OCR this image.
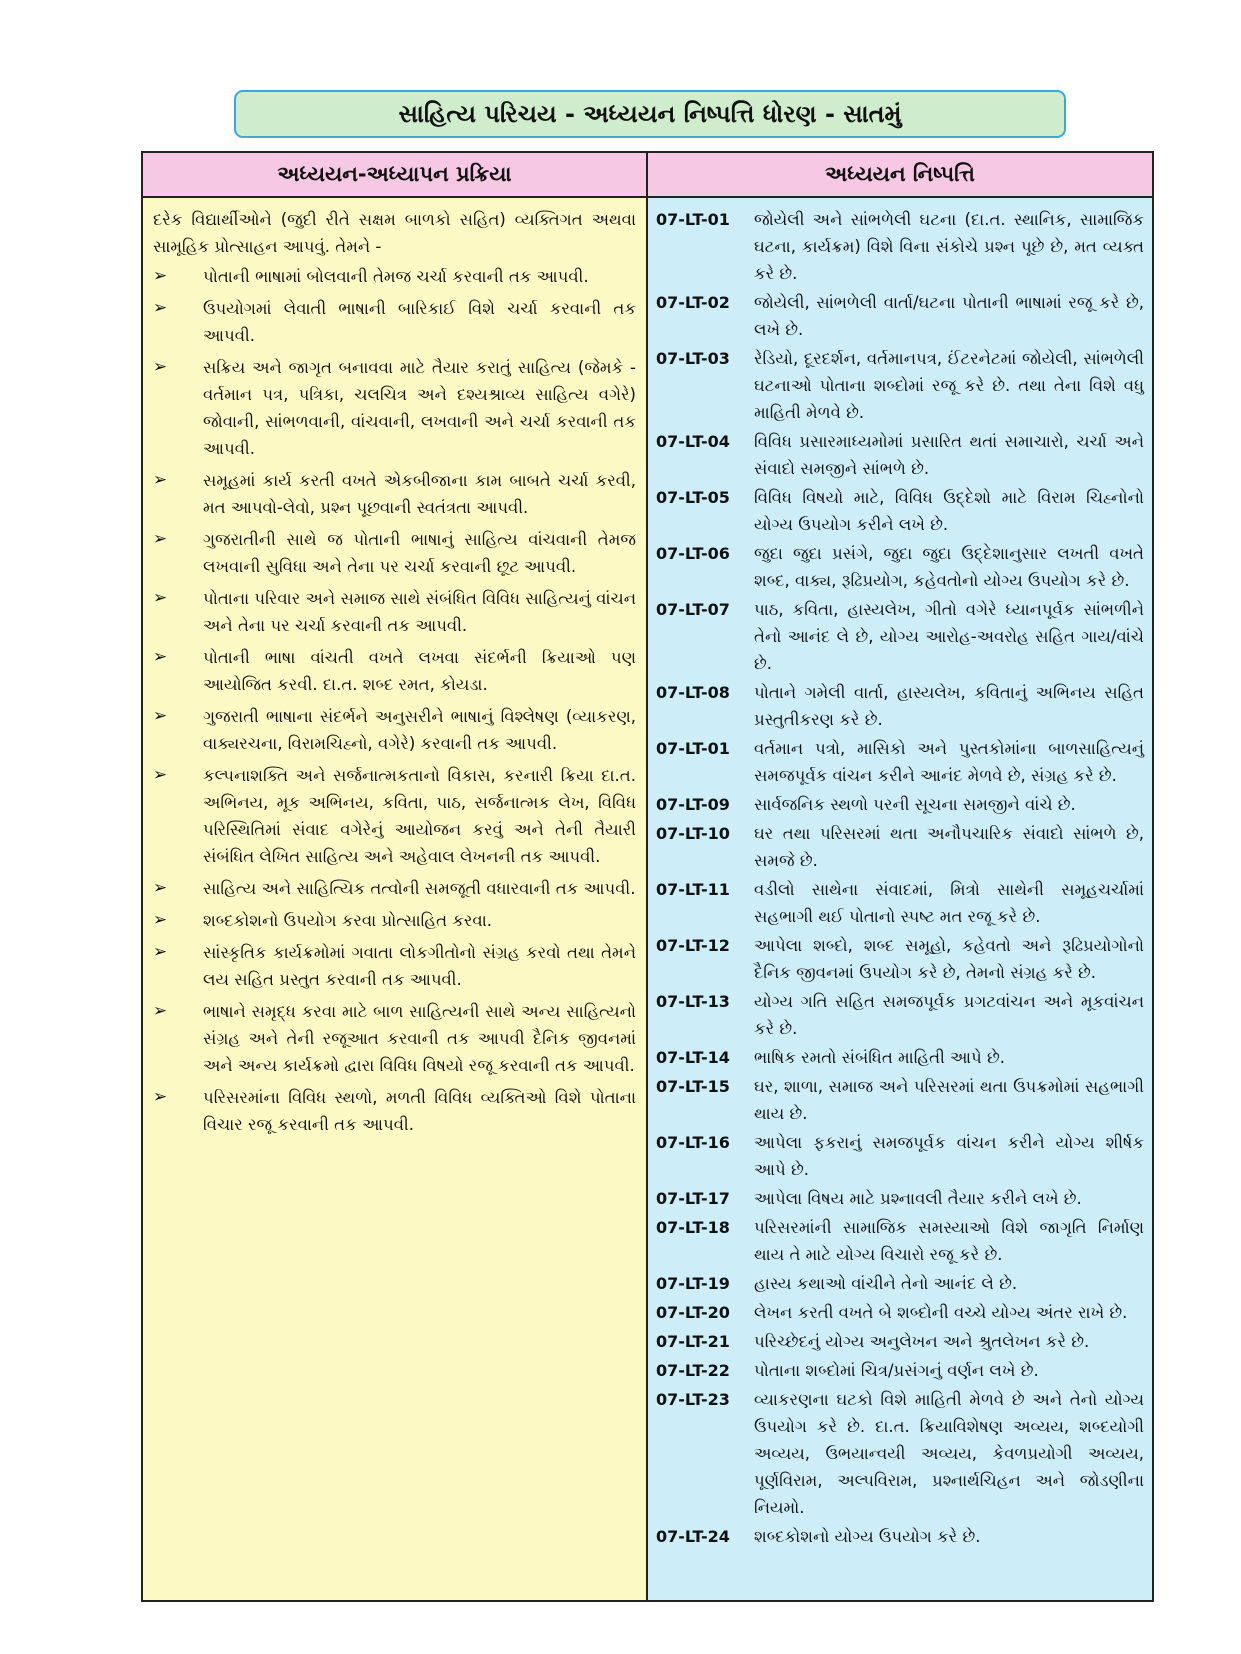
સાહિત્ય પરિચય - અધ્યયન નિષ્પત્તિ ધોરણ - સાતમું
અધ્યયન-અધ્યાપન પ્રક્રિયા	અધ્યયન નિષ્પત્તિ

દરેક વિદ્યાર્થીઓને (જુદી રીતે સક્ષમ બાળકો સહિત) વ્યક્તિગત અથવા સામૂહિક પ્રોત્સાહન આપવું. તેમને -

➢ પોતાની ભાષામાં બોલવાની તેમજ ચર્ચા કરવાની તક આપવી.
➢ ઉપયોગમાં લેવાતી ભાષાની બારિકાઈ વિશે ચર્ચા કરવાની તક આપવી.
➢ સક્રિય અને જાગૃત બનાવવા માટે તૈયાર કરાતું સાહિત્ય (જેમકે - વર્તમાન પત્ર, પત્રિકા, ચલચિત્ર અને દશ્યશ્રાવ્ય સાહિત્ય વગેરે) જોવાની, સાંભળવાની, વાંચવાની, લખવાની અને ચર્ચા કરવાની તક આપવી.
➢ સમૂહમાં કાર્ય કરતી વખતે એકબીજાના કામ બાબતે ચર્ચા કરવી, મત આપવો-લેવો, પ્રશ્ન પૂછવાની સ્વતંત્રતા આપવી.
➢ ગુજરાતીની સાથે જ પોતાની ભાષાનું સાહિત્ય વાંચવાની તેમજ લખવાની સુવિધા અને તેના પર ચર્ચા કરવાની છૂટ આપવી.
➢ પોતાના પરિવાર અને સમાજ સાથે સંબંધિત વિવિધ સાહિત્યનું વાંચન અને તેના પર ચર્ચા કરવાની તક આપવી.
➢ પોતાની ભાષા વાંચતી વખતે લખવા સંદર્ભની ક્રિયાઓ પણ આયોજિત કરવી. દા.ત. શબ્દ રમત, કોયડા.
➢ ગુજરાતી ભાષાના સંદર્ભને અનુસરીને ભાષાનું વિશ્લેષણ (વ્યાકરણ, વાક્યરચના, વિરામચિહ્નો, વગેરે) કરવાની તક આપવી.
➢ કલ્પનાશક્તિ અને સર્જનાત્મકતાનો વિકાસ, કરનારી ક્રિયા દા.ત. અભિનય, મૂક અભિનય, કવિતા, પાઠ, સર્જનાત્મક લેખ, વિવિધ પરિસ્થિતિમાં સંવાદ વગેરેનું આયોજન કરવું અને તેની તૈયારી સંબંધિત લેખિત સાહિત્ય અને અહેવાલ લેખનની તક આપવી.
➢ સાહિત્ય અને સાહિત્યિક તત્વોની સમજૂતી વધારવાની તક આપવી.
➢ શબ્દકોશનો ઉપયોગ કરવા પ્રોત્સાહિત કરવા.
➢ સાંસ્કૃતિક કાર્યક્રમોમાં ગવાતા લોકગીતોનો સંગ્રહ કરવો તથા તેમને લય સહિત પ્રસ્તુત કરવાની તક આપવી.
➢ ભાષાને સમૃદ્ધ કરવા માટે બાળ સાહિત્યની સાથે અન્ય સાહિત્યનો સંગ્રહ અને તેની રજૂઆત કરવાની તક આપવી દૈનિક જીવનમાં અને અન્ય કાર્યક્રમો દ્વારા વિવિધ વિષયો રજૂ કરવાની તક આપવી.
➢ પરિસરમાંના વિવિધ સ્થળો, મળતી વિવિધ વ્યક્તિઓ વિશે પોતાના વિચાર રજૂ કરવાની તક આપવી.
07-LT-01	જોયેલી અને સાંભળેલી ઘટના (દા.ત. સ્થાનિક, સામાજિક ઘટના, કાર્યક્રમ) વિશે વિના સંકોચે પ્રશ્ન પૂછે છે, મત વ્યક્ત કરે છે.
07-LT-02	જોયેલી, સાંભળેલી વાર્તા/ઘટના પોતાની ભાષામાં રજૂ કરે છે, લખે છે.
07-LT-03	રેડિયો, દૂરદર્શન, વર્તમાનપત્ર, ઈંટરનેટમાં જોયેલી, સાંભળેલી ઘટનાઓ પોતાના શબ્દોમાં રજૂ કરે છે. તથા તેના વિશે વધુ માહિતી મેળવે છે.
07-LT-04	વિવિધ પ્રસારમાધ્યમોમાં પ્રસારિત થતાં સમાચારો, ચર્ચા અને સંવાદો સમજીને સાંભળે છે.
07-LT-05	વિવિધ વિષયો માટે, વિવિધ ઉદ્દેશો માટે વિરામ ચિહ્નોનો યોગ્ય ઉપયોગ કરીને લખે છે.
07-LT-06	જુદા જુદા પ્રસંગે, જુદા જુદા ઉદ્દેશાનુસાર લખતી વખતે શબ્દ, વાક્ય, રૂઢિપ્રયોગ, કહેવતોનો યોગ્ય ઉપયોગ કરે છે.
07-LT-07	પાઠ, કવિતા, હાસ્યલેખ, ગીતો વગેરે ધ્યાનપૂર્વક સાંભળીને તેનો આનંદ લે છે, યોગ્ય આરોહ-અવરોહ સહિત ગાય/વાંચે છે.
07-LT-08	પોતાને ગમેલી વાર્તા, હાસ્યલેખ, કવિતાનું અભિનય સહિત પ્રસ્તુતીકરણ કરે છે.
07-LT-01	વર્તમાન પત્રો, માસિકો અને પુસ્તકોમાંના બાળસાહિત્યનું સમજપૂર્વક વાંચન કરીને આનંદ મેળવે છે, સંગ્રહ કરે છે.
07-LT-09	સાર્વજનિક સ્થળો પરની સૂચના સમજીને વાંચે છે.
07-LT-10	ઘર તથા પરિસરમાં થતા અનૌપચારિક સંવાદો સાંભળે છે, સમજે છે.
07-LT-11	વડીલો સાથેના સંવાદમાં, મિત્રો સાથેની સમૂહચર્ચામાં સહભાગી થઈ પોતાનો સ્પષ્ટ મત રજૂ કરે છે.
07-LT-12	આપેલા શબ્દો, શબ્દ સમૂહો, કહેવતો અને રૂઢિપ્રયોગોનો દૈનિક જીવનમાં ઉપયોગ કરે છે, તેમનો સંગ્રહ કરે છે.
07-LT-13	યોગ્ય ગતિ સહિત સમજપૂર્વક પ્રગટવાંચન અને મૂકવાંચન કરે છે.
07-LT-14	ભાષિક રમતો સંબંધિત માહિતી આપે છે.
07-LT-15	ઘર, શાળા, સમાજ અને પરિસરમાં થતા ઉપક્રમોમાં સહભાગી થાય છે.
07-LT-16	આપેલા ફકરાનું સમજપૂર્વક વાંચન કરીને યોગ્ય શીર્ષક આપે છે.
07-LT-17	આપેલા વિષય માટે પ્રશ્નાવલી તૈયાર કરીને લખે છે.
07-LT-18	પરિસરમાંની સામાજિક સમસ્યાઓ વિશે જાગૃતિ નિર્માણ થાય તે માટે યોગ્ય વિચારો રજૂ કરે છે.
07-LT-19	હાસ્ય કથાઓ વાંચીને તેનો આનંદ લે છે.
07-LT-20	લેખન કરતી વખતે બે શબ્દોની વચ્ચે યોગ્ય અંતર રાખે છે.
07-LT-21	પરિચ્છેદનું યોગ્ય અનુલેખન અને શ્રુતલેખન કરે છે.
07-LT-22	પોતાના શબ્દોમાં ચિત્ર/પ્રસંગનું વર્ણન લખે છે.
07-LT-23	વ્યાકરણના ઘટકો વિશે માહિતી મેળવે છે અને તેનો યોગ્ય ઉપયોગ કરે છે. દા.ત. ક્રિયાવિશેષણ અવ્યય, શબ્દયોગી અવ્યય, ઉભયાન્વયી અવ્યય, કેવળપ્રયોગી અવ્યય, પૂર્ણવિરામ, અલ્પવિરામ, પ્રશ્નાર્થચિહન અને જોડણીના નિયમો.
07-LT-24	શબ્દકોશનો યોગ્ય ઉપયોગ કરે છે.
